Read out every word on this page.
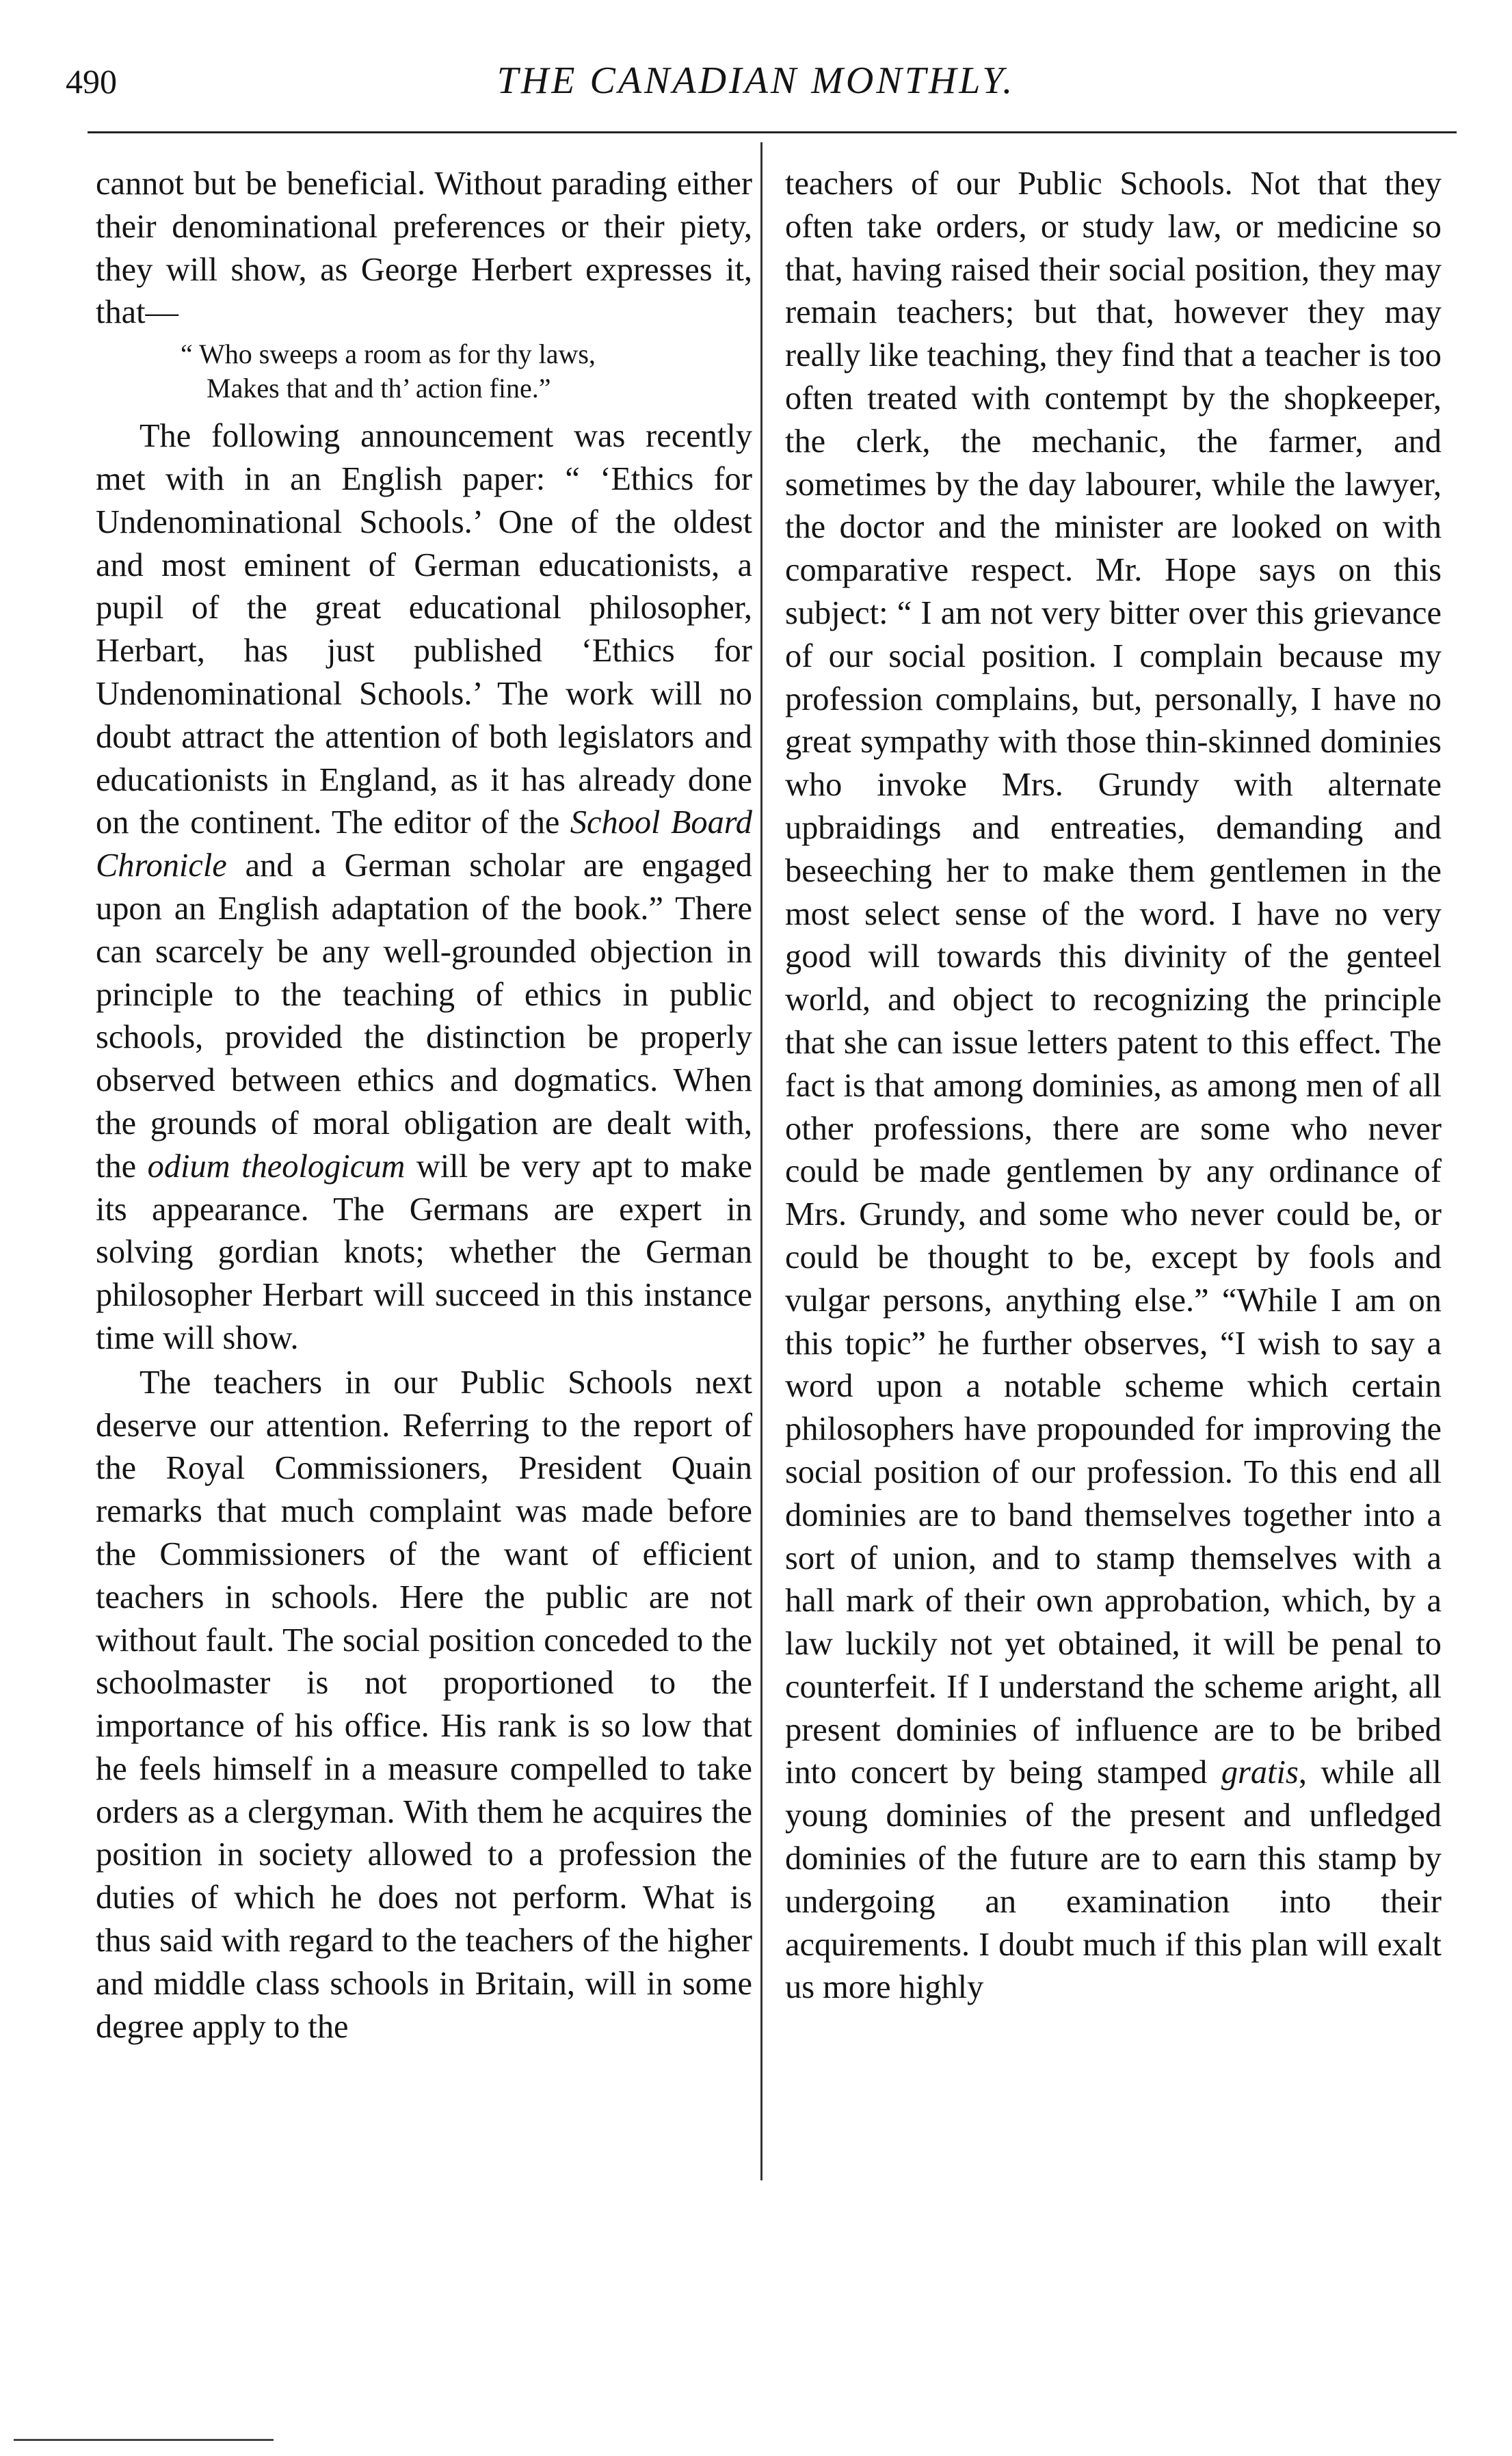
490	THE CANADIAN MONTHLY.

cannot but be beneficial. Without parading either their denominational preferences or their piety, they will show, as George Herbert expresses it, that—

“ Who sweeps a room as for thy laws,
Makes that and th’ action fine.”

The following announcement was recently met with in an English paper: “ ‘Ethics for Undenominational Schools.’ One of the oldest and most eminent of German educationists, a pupil of the great educational philosopher, Herbart, has just published ‘Ethics for Undenominational Schools.’ The work will no doubt attract the attention of both legislators and educationists in England, as it has already done on the continent. The editor of the School Board Chronicle and a German scholar are engaged upon an English adaptation of the book.” There can scarcely be any well-grounded objection in principle to the teaching of ethics in public schools, provided the distinction be properly observed between ethics and dogmatics. When the grounds of moral obligation are dealt with, the odium theologicum will be very apt to make its appearance. The Germans are expert in solving gordian knots; whether the German philosopher Herbart will succeed in this instance time will show.

The teachers in our Public Schools next deserve our attention. Referring to the report of the Royal Commissioners, President Quain remarks that much complaint was made before the Commissioners of the want of efficient teachers in schools. Here the public are not without fault. The social position conceded to the schoolmaster is not proportioned to the importance of his office. His rank is so low that he feels himself in a measure compelled to take orders as a clergyman. With them he acquires the position in society allowed to a profession the duties of which he does not perform. What is thus said with regard to the teachers of the higher and middle class schools in Britain, will in some degree apply to the

teachers of our Public Schools. Not that they often take orders, or study law, or medicine so that, having raised their social position, they may remain teachers; but that, however they may really like teaching, they find that a teacher is too often treated with contempt by the shopkeeper, the clerk, the mechanic, the farmer, and sometimes by the day labourer, while the lawyer, the doctor and the minister are looked on with comparative respect. Mr. Hope says on this subject: “ I am not very bitter over this grievance of our social position. I complain because my profession complains, but, personally, I have no great sympathy with those thin-skinned dominies who invoke Mrs. Grundy with alternate upbraidings and entreaties, demanding and beseeching her to make them gentlemen in the most select sense of the word. I have no very good will towards this divinity of the genteel world, and object to recognizing the principle that she can issue letters patent to this effect. The fact is that among dominies, as among men of all other professions, there are some who never could be made gentlemen by any ordinance of Mrs. Grundy, and some who never could be, or could be thought to be, except by fools and vulgar persons, anything else.” “While I am on this topic” he further observes, “I wish to say a word upon a notable scheme which certain philosophers have propounded for improving the social position of our profession. To this end all dominies are to band themselves together into a sort of union, and to stamp themselves with a hall mark of their own approbation, which, by a law luckily not yet obtained, it will be penal to counterfeit. If I understand the scheme aright, all present dominies of influence are to be bribed into concert by being stamped gratis, while all young dominies of the present and unfledged dominies of the future are to earn this stamp by undergoing an examination into their acquirements. I doubt much if this plan will exalt us more highly
